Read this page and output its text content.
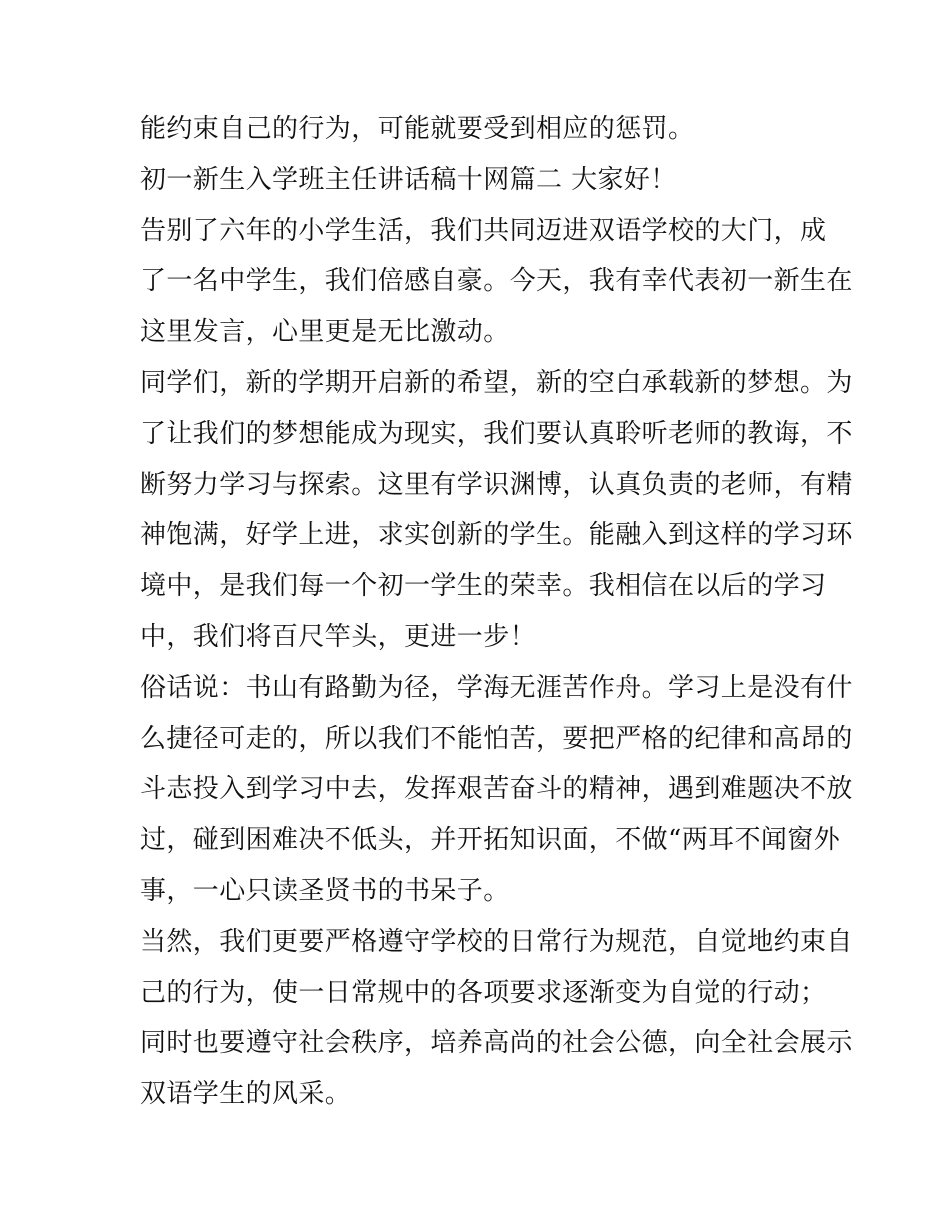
能约束自己的行为，可能就要受到相应的惩罚。
初一新生入学班主任讲话稿十网篇二 大家好！
告别了六年的小学生活，我们共同迈进双语学校的大门，成
了一名中学生，我们倍感自豪。今天，我有幸代表初一新生在
这里发言，心里更是无比激动。
同学们，新的学期开启新的希望，新的空白承载新的梦想。为
了让我们的梦想能成为现实，我们要认真聆听老师的教诲，不
断努力学习与探索。这里有学识渊博，认真负责的老师，有精
神饱满，好学上进，求实创新的学生。能融入到这样的学习环
境中，是我们每一个初一学生的荣幸。我相信在以后的学习
中，我们将百尺竿头，更进一步！
俗话说：书山有路勤为径，学海无涯苦作舟。学习上是没有什
么捷径可走的，所以我们不能怕苦，要把严格的纪律和高昂的
斗志投入到学习中去，发挥艰苦奋斗的精神，遇到难题决不放
过，碰到困难决不低头，并开拓知识面，不做“两耳不闻窗外
事，一心只读圣贤书的书呆子。
当然，我们更要严格遵守学校的日常行为规范，自觉地约束自
己的行为，使一日常规中的各项要求逐渐变为自觉的行动；
同时也要遵守社会秩序，培养高尚的社会公德，向全社会展示
双语学生的风采。
